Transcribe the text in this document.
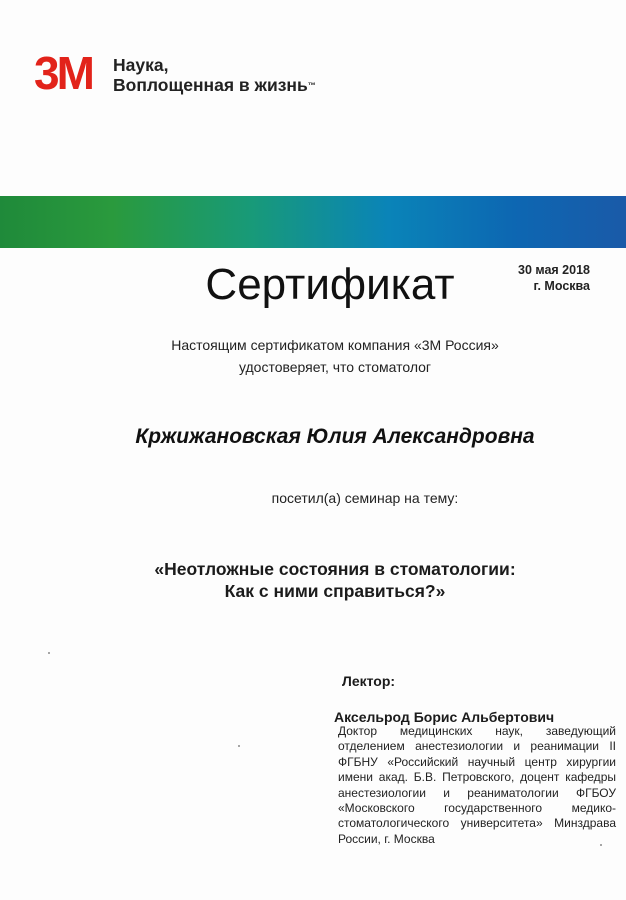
3M Наука,
Воплощенная в жизнь™
Сертификат	30 мая 2018
г. Москва
Настоящим сертификатом компания «3М Россия»
удостоверяет, что стоматолог
Кржижановская Юлия Александровна
посетил(а) семинар на тему:
«Неотложные состояния в стоматологии:
Как с ними справиться?»
Лектор:
Аксельрод Борис Альбертович
Доктор медицинских наук, заведующий отделением анестезиологии и реанимации II ФГБНУ «Российский научный центр хирургии имени акад. Б.В. Петровского, доцент кафедры анестезиологии и реаниматологии ФГБОУ «Московского государственного медико-стоматологического университета» Минздрава России, г. Москва
